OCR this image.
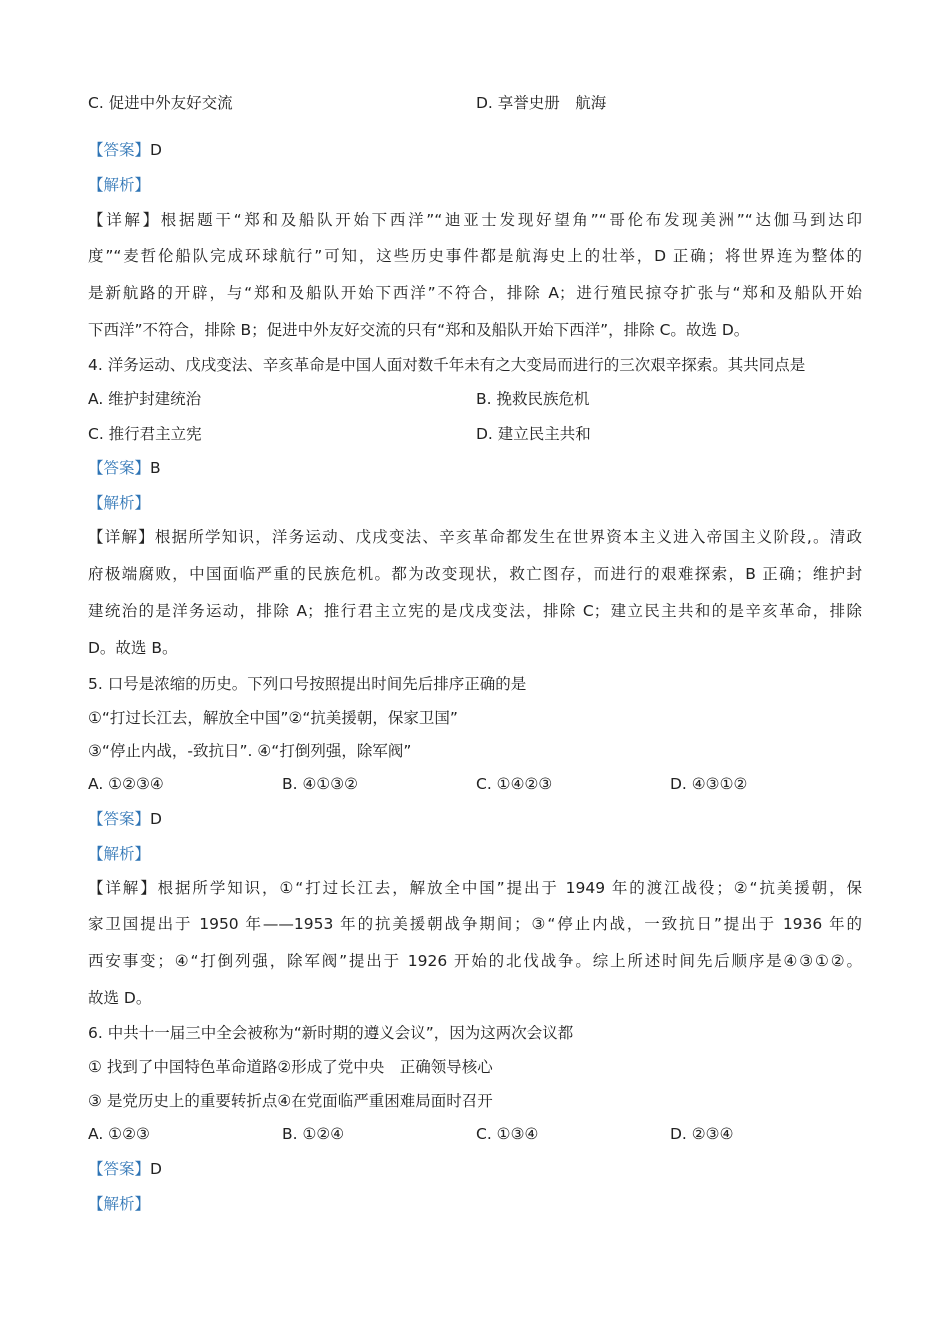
C. 促进中外友好交流	D. 享誉史册　航海
【答案】D
【解析】
【详解】根据题干“郑和及船队开始下西洋”“迪亚士发现好望角”“哥伦布发现美洲”“达伽马到达印
度”“麦哲伦船队完成环球航行”可知，这些历史事件都是航海史上的壮举，D 正确；将世界连为整体的
是新航路的开辟，与“郑和及船队开始下西洋”不符合，排除 A；进行殖民掠夺扩张与“郑和及船队开始
下西洋”不符合，排除 B；促进中外友好交流的只有“郑和及船队开始下西洋”，排除 C。故选 D。
4. 洋务运动、戊戌变法、辛亥革命是中国人面对数千年未有之大变局而进行的三次艰辛探索。其共同点是
A. 维护封建统治	B. 挽救民族危机
C. 推行君主立宪	D. 建立民主共和
【答案】B
【解析】
【详解】根据所学知识，洋务运动、戊戌变法、辛亥革命都发生在世界资本主义进入帝国主义阶段,。清政
府极端腐败，中国面临严重的民族危机。都为改变现状，救亡图存，而进行的艰难探索，B 正确；维护封
建统治的是洋务运动，排除 A；推行君主立宪的是戊戌变法，排除 C；建立民主共和的是辛亥革命，排除
D。故选 B。
5. 口号是浓缩的历史。下列口号按照提出时间先后排序正确的是
①“打过长江去，解放全中国”②“抗美援朝，保家卫国”
③“停止内战，-致抗日”. ④“打倒列强，除军阀”
A. ①②③④	B. ④①③②	C. ①④②③	D. ④③①②
【答案】D
【解析】
【详解】根据所学知识，①“打过长江去，解放全中国”提出于 1949 年的渡江战役；②“抗美援朝，保
家卫国提出于 1950 年——1953 年的抗美援朝战争期间；③“停止内战，一致抗日”提出于 1936 年的
西安事变；④“打倒列强，除军阀”提出于 1926 开始的北伐战争。综上所述时间先后顺序是④③①②。
故选 D。
6. 中共十一届三中全会被称为“新时期的遵义会议”，因为这两次会议都
① 找到了中国特色革命道路②形成了党中央　正确领导核心
③ 是党历史上的重要转折点④在党面临严重困难局面时召开
A. ①②③	B. ①②④	C. ①③④	D. ②③④
【答案】D
【解析】
